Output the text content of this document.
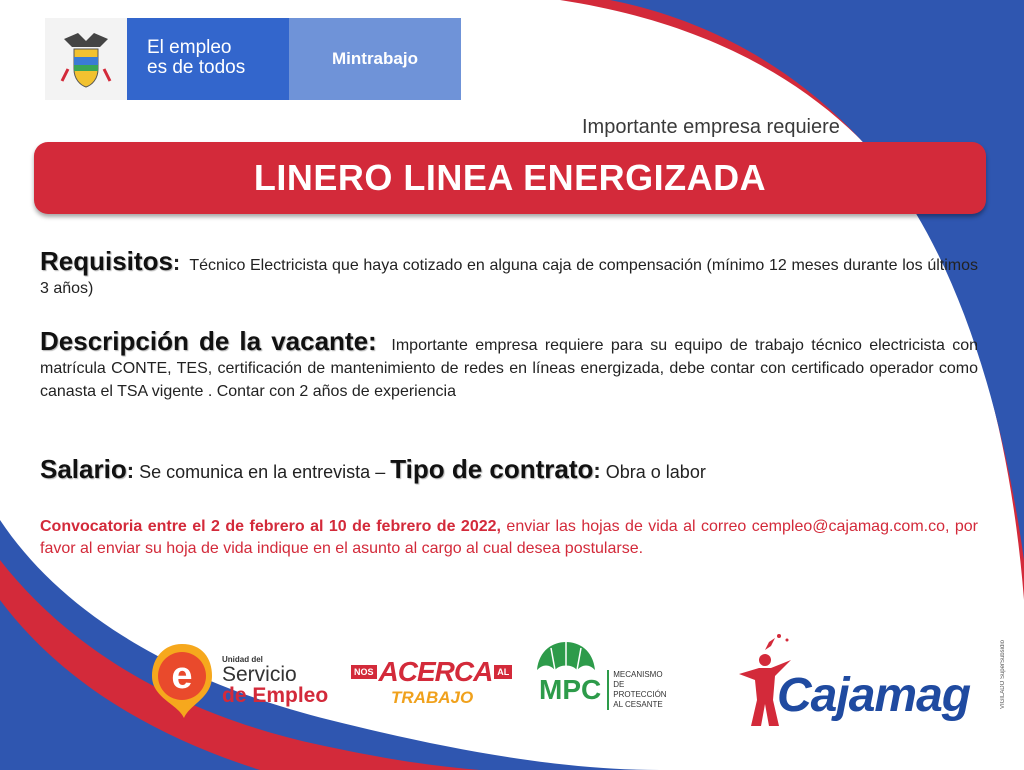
El empleo
es de todos	Mintrabajo
Importante empresa requiere
LINERO LINEA ENERGIZADA
Requisitos: Técnico Electricista que haya cotizado en alguna caja de compensación (mínimo 12 meses durante los últimos 3 años)
Descripción de la vacante: Importante empresa requiere para su equipo de trabajo técnico electricista con matrícula CONTE, TES, certificación de mantenimiento de redes en líneas energizada, debe contar con certificado operador como canasta el TSA vigente . Contar con 2 años de experiencia
Salario: Se comunica en la entrevista – Tipo de contrato: Obra o labor
Convocatoria entre el 2 de febrero al 10 de febrero de 2022, enviar las hojas de vida al correo cempleo@cajamag.com.co, por favor al enviar su hoja de vida indique en el asunto al cargo al cual desea postularse.
e	Unidad del
Servicio
de Empleo
NOS ACERCA AL
TRABAJO	MPC MECANISMO DE
PROTECCIÓN
AL CESANTE Cajamag	VIGILADO SuperSubsidio
